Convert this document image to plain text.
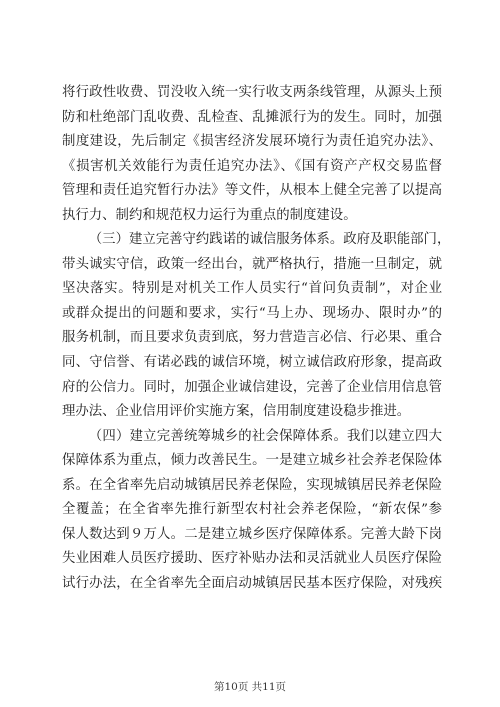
将行政性收费、罚没收入统一实行收支两条线管理，从源头上预
防和杜绝部门乱收费、乱检查、乱摊派行为的发生。同时，加强
制度建设，先后制定《损害经济发展环境行为责任追究办法》、
《损害机关效能行为责任追究办法》、《国有资产产权交易监督
管理和责任追究暂行办法》等文件，从根本上健全完善了以提高
执行力、制约和规范权力运行为重点的制度建设。
（三）建立完善守约践诺的诚信服务体系。政府及职能部门，
带头诚实守信，政策一经出台，就严格执行，措施一旦制定，就
坚决落实。特别是对机关工作人员实行“首问负责制”，对企业
或群众提出的问题和要求，实行“马上办、现场办、限时办”的
服务机制，而且要求负责到底，努力营造言必信、行必果、重合
同、守信誉、有诺必践的诚信环境，树立诚信政府形象，提高政
府的公信力。同时，加强企业诚信建设，完善了企业信用信息管
理办法、企业信用评价实施方案，信用制度建设稳步推进。
（四）建立完善统筹城乡的社会保障体系。我们以建立四大
保障体系为重点，倾力改善民生。一是建立城乡社会养老保险体
系。在全省率先启动城镇居民养老保险，实现城镇居民养老保险
全覆盖；在全省率先推行新型农村社会养老保险，“新农保”参
保人数达到９万人。二是建立城乡医疗保障体系。完善大龄下岗
失业困难人员医疗援助、医疗补贴办法和灵活就业人员医疗保险
试行办法，在全省率先全面启动城镇居民基本医疗保险，对残疾
第10页 共11页
